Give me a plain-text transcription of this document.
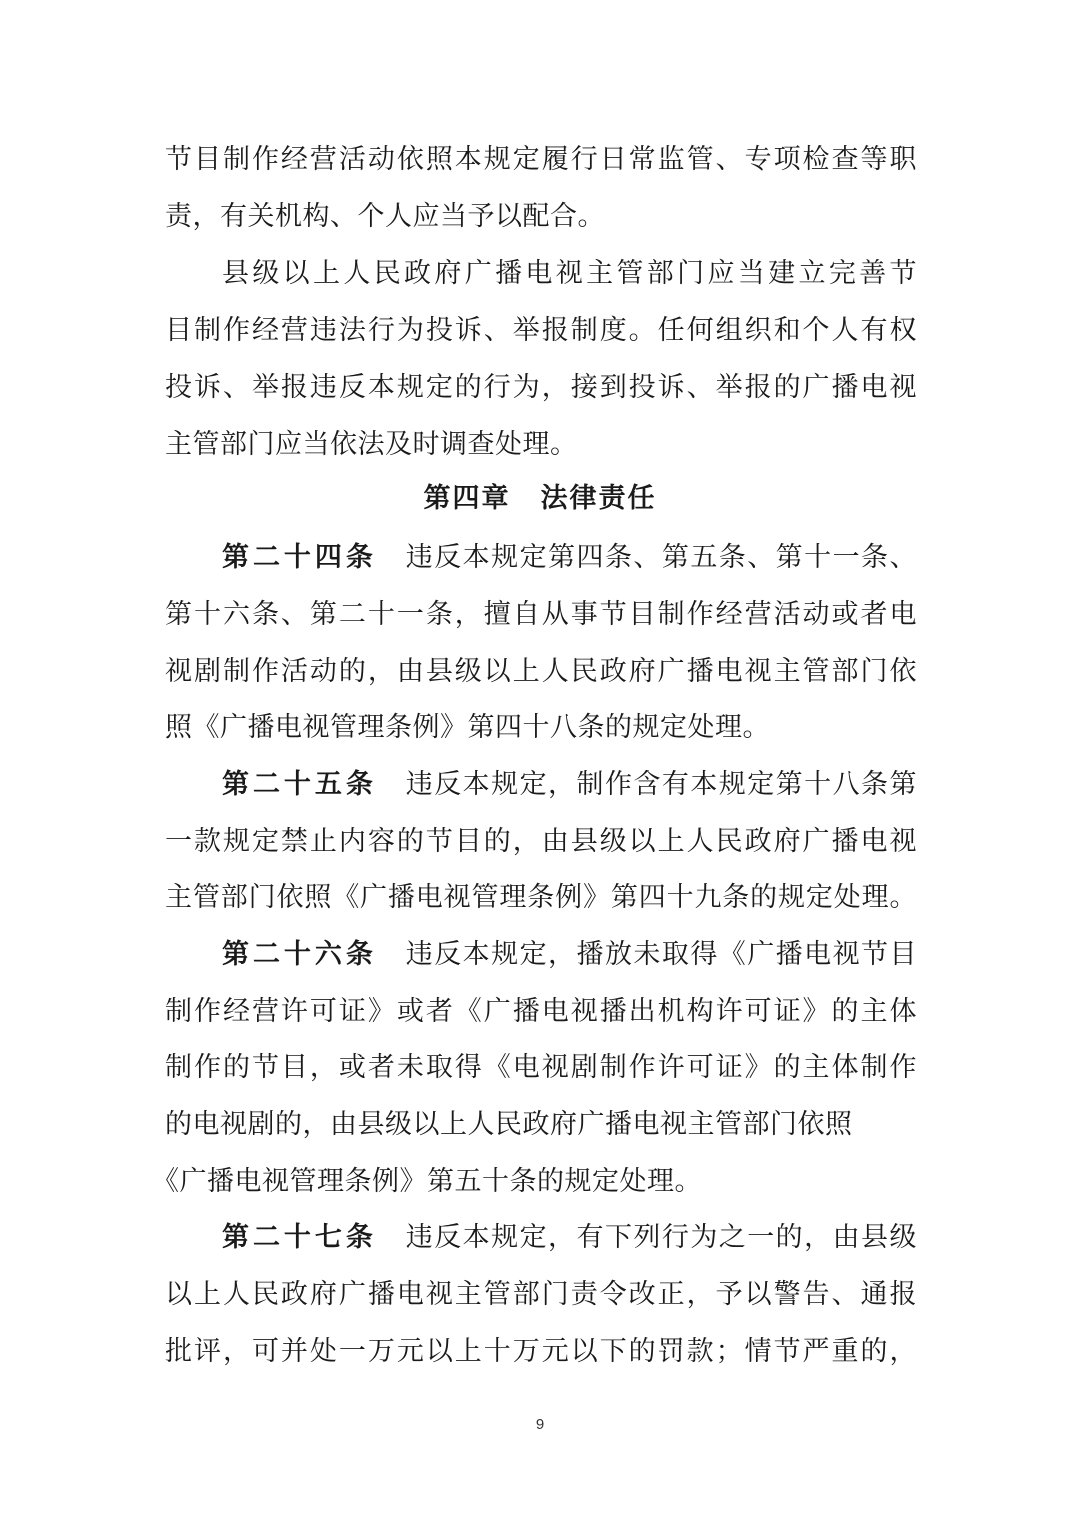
节目制作经营活动依照本规定履行日常监管、专项检查等职
责，有关机构、个人应当予以配合。
县级以上人民政府广播电视主管部门应当建立完善节
目制作经营违法行为投诉、举报制度。任何组织和个人有权
投诉、举报违反本规定的行为，接到投诉、举报的广播电视
主管部门应当依法及时调查处理。
第四章 法律责任
第二十四条 违反本规定第四条、第五条、第十一条、
第十六条、第二十一条，擅自从事节目制作经营活动或者电
视剧制作活动的，由县级以上人民政府广播电视主管部门依
照《广播电视管理条例》第四十八条的规定处理。
第二十五条 违反本规定，制作含有本规定第十八条第
一款规定禁止内容的节目的，由县级以上人民政府广播电视
主管部门依照《广播电视管理条例》第四十九条的规定处理。
第二十六条 违反本规定，播放未取得《广播电视节目
制作经营许可证》或者《广播电视播出机构许可证》的主体
制作的节目，或者未取得《电视剧制作许可证》的主体制作
的电视剧的，由县级以上人民政府广播电视主管部门依照
《广播电视管理条例》第五十条的规定处理。
第二十七条 违反本规定，有下列行为之一的，由县级
以上人民政府广播电视主管部门责令改正，予以警告、通报
批评，可并处一万元以上十万元以下的罚款；情节严重的，
9
